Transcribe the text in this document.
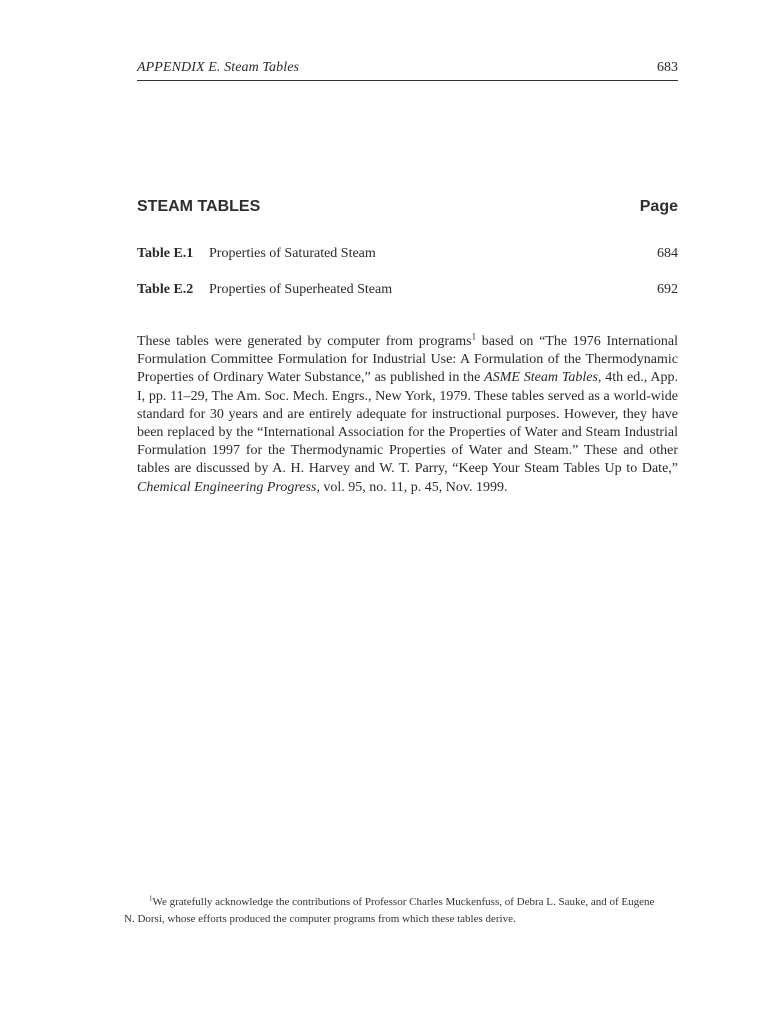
APPENDIX E. Steam Tables	683
STEAM TABLES	Page
Table E.1 Properties of Saturated Steam	684
Table E.2 Properties of Superheated Steam	692

These tables were generated by computer from programs$^1$ based on “The 1976 International Formulation Committee Formulation for Industrial Use: A Formulation of the Thermodynamic Properties of Ordinary Water Substance,” as published in the ASME Steam Tables, 4th ed., App. I, pp. 11–29, The Am. Soc. Mech. Engrs., New York, 1979. These tables served as a world-wide standard for 30 years and are entirely adequate for instructional purposes. However, they have been replaced by the “International Association for the Properties of Water and Steam Industrial Formulation 1997 for the Thermodynamic Properties of Water and Steam.” These and other tables are discussed by A. H. Harvey and W. T. Parry, “Keep Your Steam Tables Up to Date,” Chemical Engineering Progress, vol. 95, no. 11, p. 45, Nov. 1999.

$^1$We gratefully acknowledge the contributions of Professor Charles Muckenfuss, of Debra L. Sauke, and of Eugene
N. Dorsi, whose efforts produced the computer programs from which these tables derive.
